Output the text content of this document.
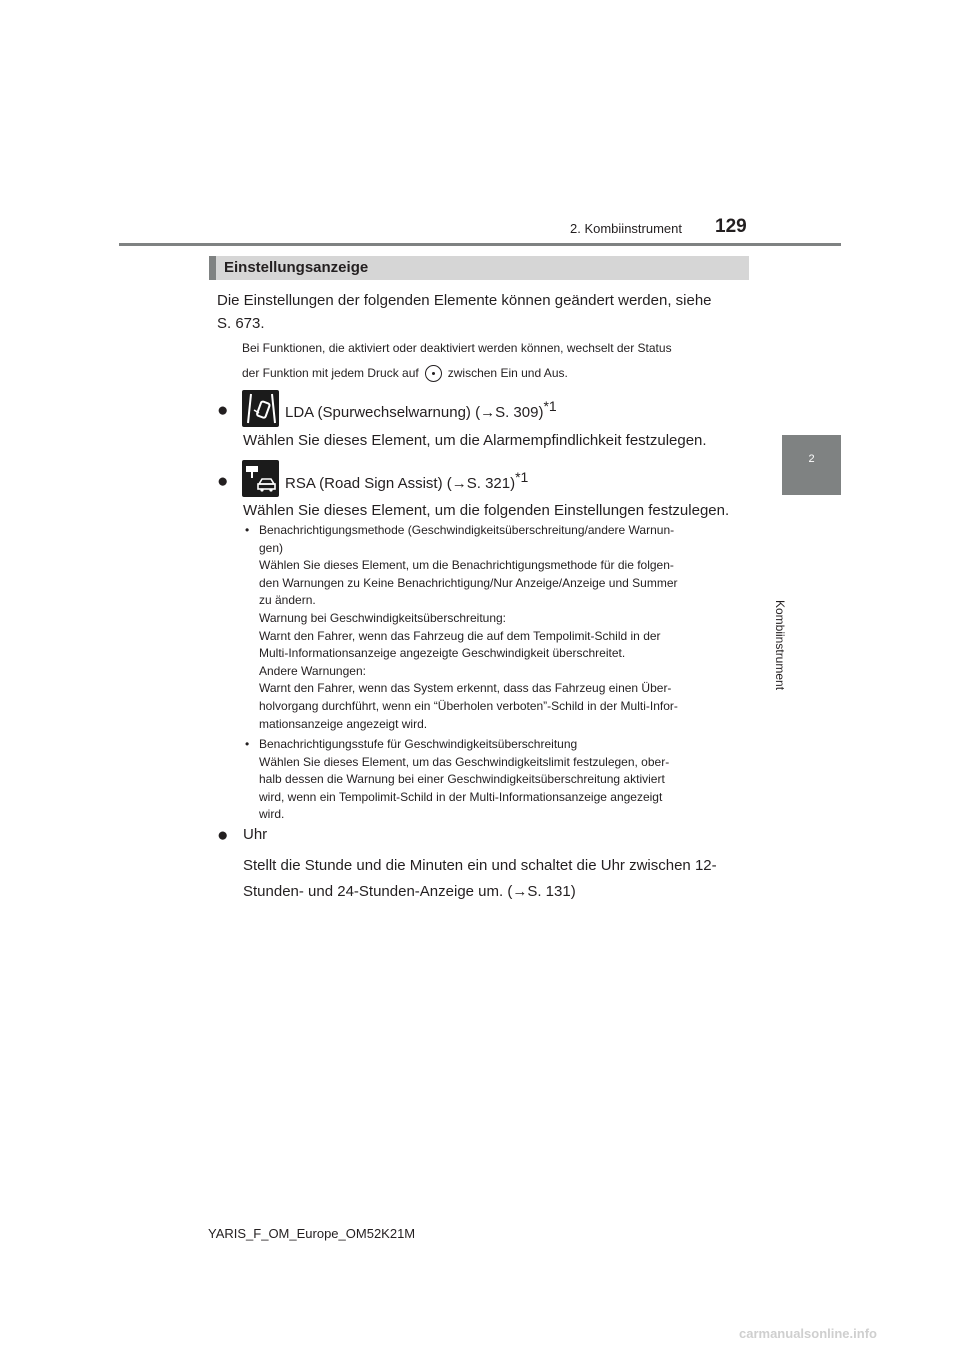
2. Kombiinstrument 129
2
Kombiinstrument
Einstellungsanzeige
Die Einstellungen der folgenden Elemente können geändert werden, siehe
S. 673.
Bei Funktionen, die aktiviert oder deaktiviert werden können, wechselt der Status
der Funktion mit jedem Druck auf zwischen Ein und Aus.
●	LDA (Spurwechselwarnung) (→S. 309)$^{*1}$
Wählen Sie dieses Element, um die Alarmempfindlichkeit festzulegen.
●	RSA (Road Sign Assist) (→S. 321)$^{*1}$
Wählen Sie dieses Element, um die folgenden Einstellungen festzulegen.
• Benachrichtigungsmethode (Geschwindigkeitsüberschreitung/andere Warnun-
gen)
Wählen Sie dieses Element, um die Benachrichtigungsmethode für die folgen-
den Warnungen zu Keine Benachrichtigung/Nur Anzeige/Anzeige und Summer
zu ändern.
Warnung bei Geschwindigkeitsüberschreitung:
Warnt den Fahrer, wenn das Fahrzeug die auf dem Tempolimit-Schild in der
Multi-Informationsanzeige angezeigte Geschwindigkeit überschreitet.
Andere Warnungen:
Warnt den Fahrer, wenn das System erkennt, dass das Fahrzeug einen Über-
holvorgang durchführt, wenn ein “Überholen verboten”-Schild in der Multi-Infor-
mationsanzeige angezeigt wird.
• Benachrichtigungsstufe für Geschwindigkeitsüberschreitung
Wählen Sie dieses Element, um das Geschwindigkeitslimit festzulegen, ober-
halb dessen die Warnung bei einer Geschwindigkeitsüberschreitung aktiviert
wird, wenn ein Tempolimit-Schild in der Multi-Informationsanzeige angezeigt
wird.
● Uhr
Stellt die Stunde und die Minuten ein und schaltet die Uhr zwischen 12-
Stunden- und 24-Stunden-Anzeige um. (→S. 131)
YARIS_F_OM_Europe_OM52K21M
carmanualsonline.info
